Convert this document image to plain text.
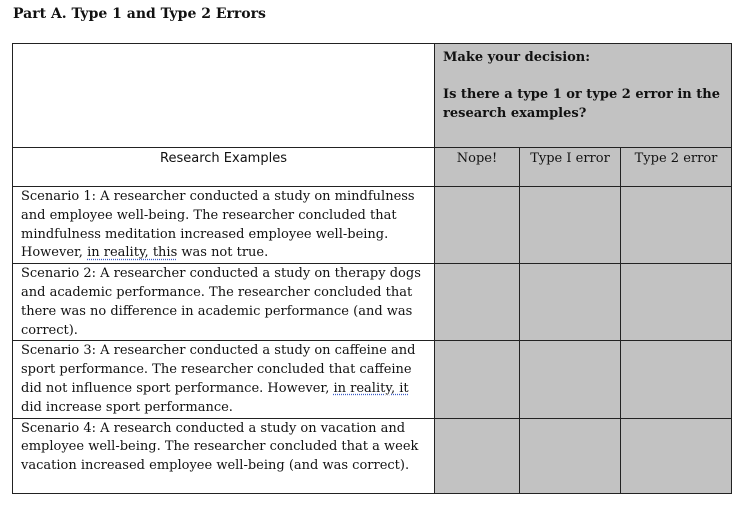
Part A. Type 1 and Type 2 Errors

	Make your decision:

Is there a type 1 or type 2 error in the research examples?		

Research Examples	Nope!	Type I error	Type 2 error
Scenario 1: A researcher conducted a study on mindfulness and employee well-being. The researcher concluded that mindfulness meditation increased employee well-being. However, in reality, this was not true.			
Scenario 2: A researcher conducted a study on therapy dogs and academic performance. The researcher concluded that there was no difference in academic performance (and was correct).			
Scenario 3: A researcher conducted a study on caffeine and sport performance. The researcher concluded that caffeine did not influence sport performance. However, in reality, it did increase sport performance.			
Scenario 4: A research conducted a study on vacation and employee well-being. The researcher concluded that a week vacation increased employee well-being (and was correct).			
